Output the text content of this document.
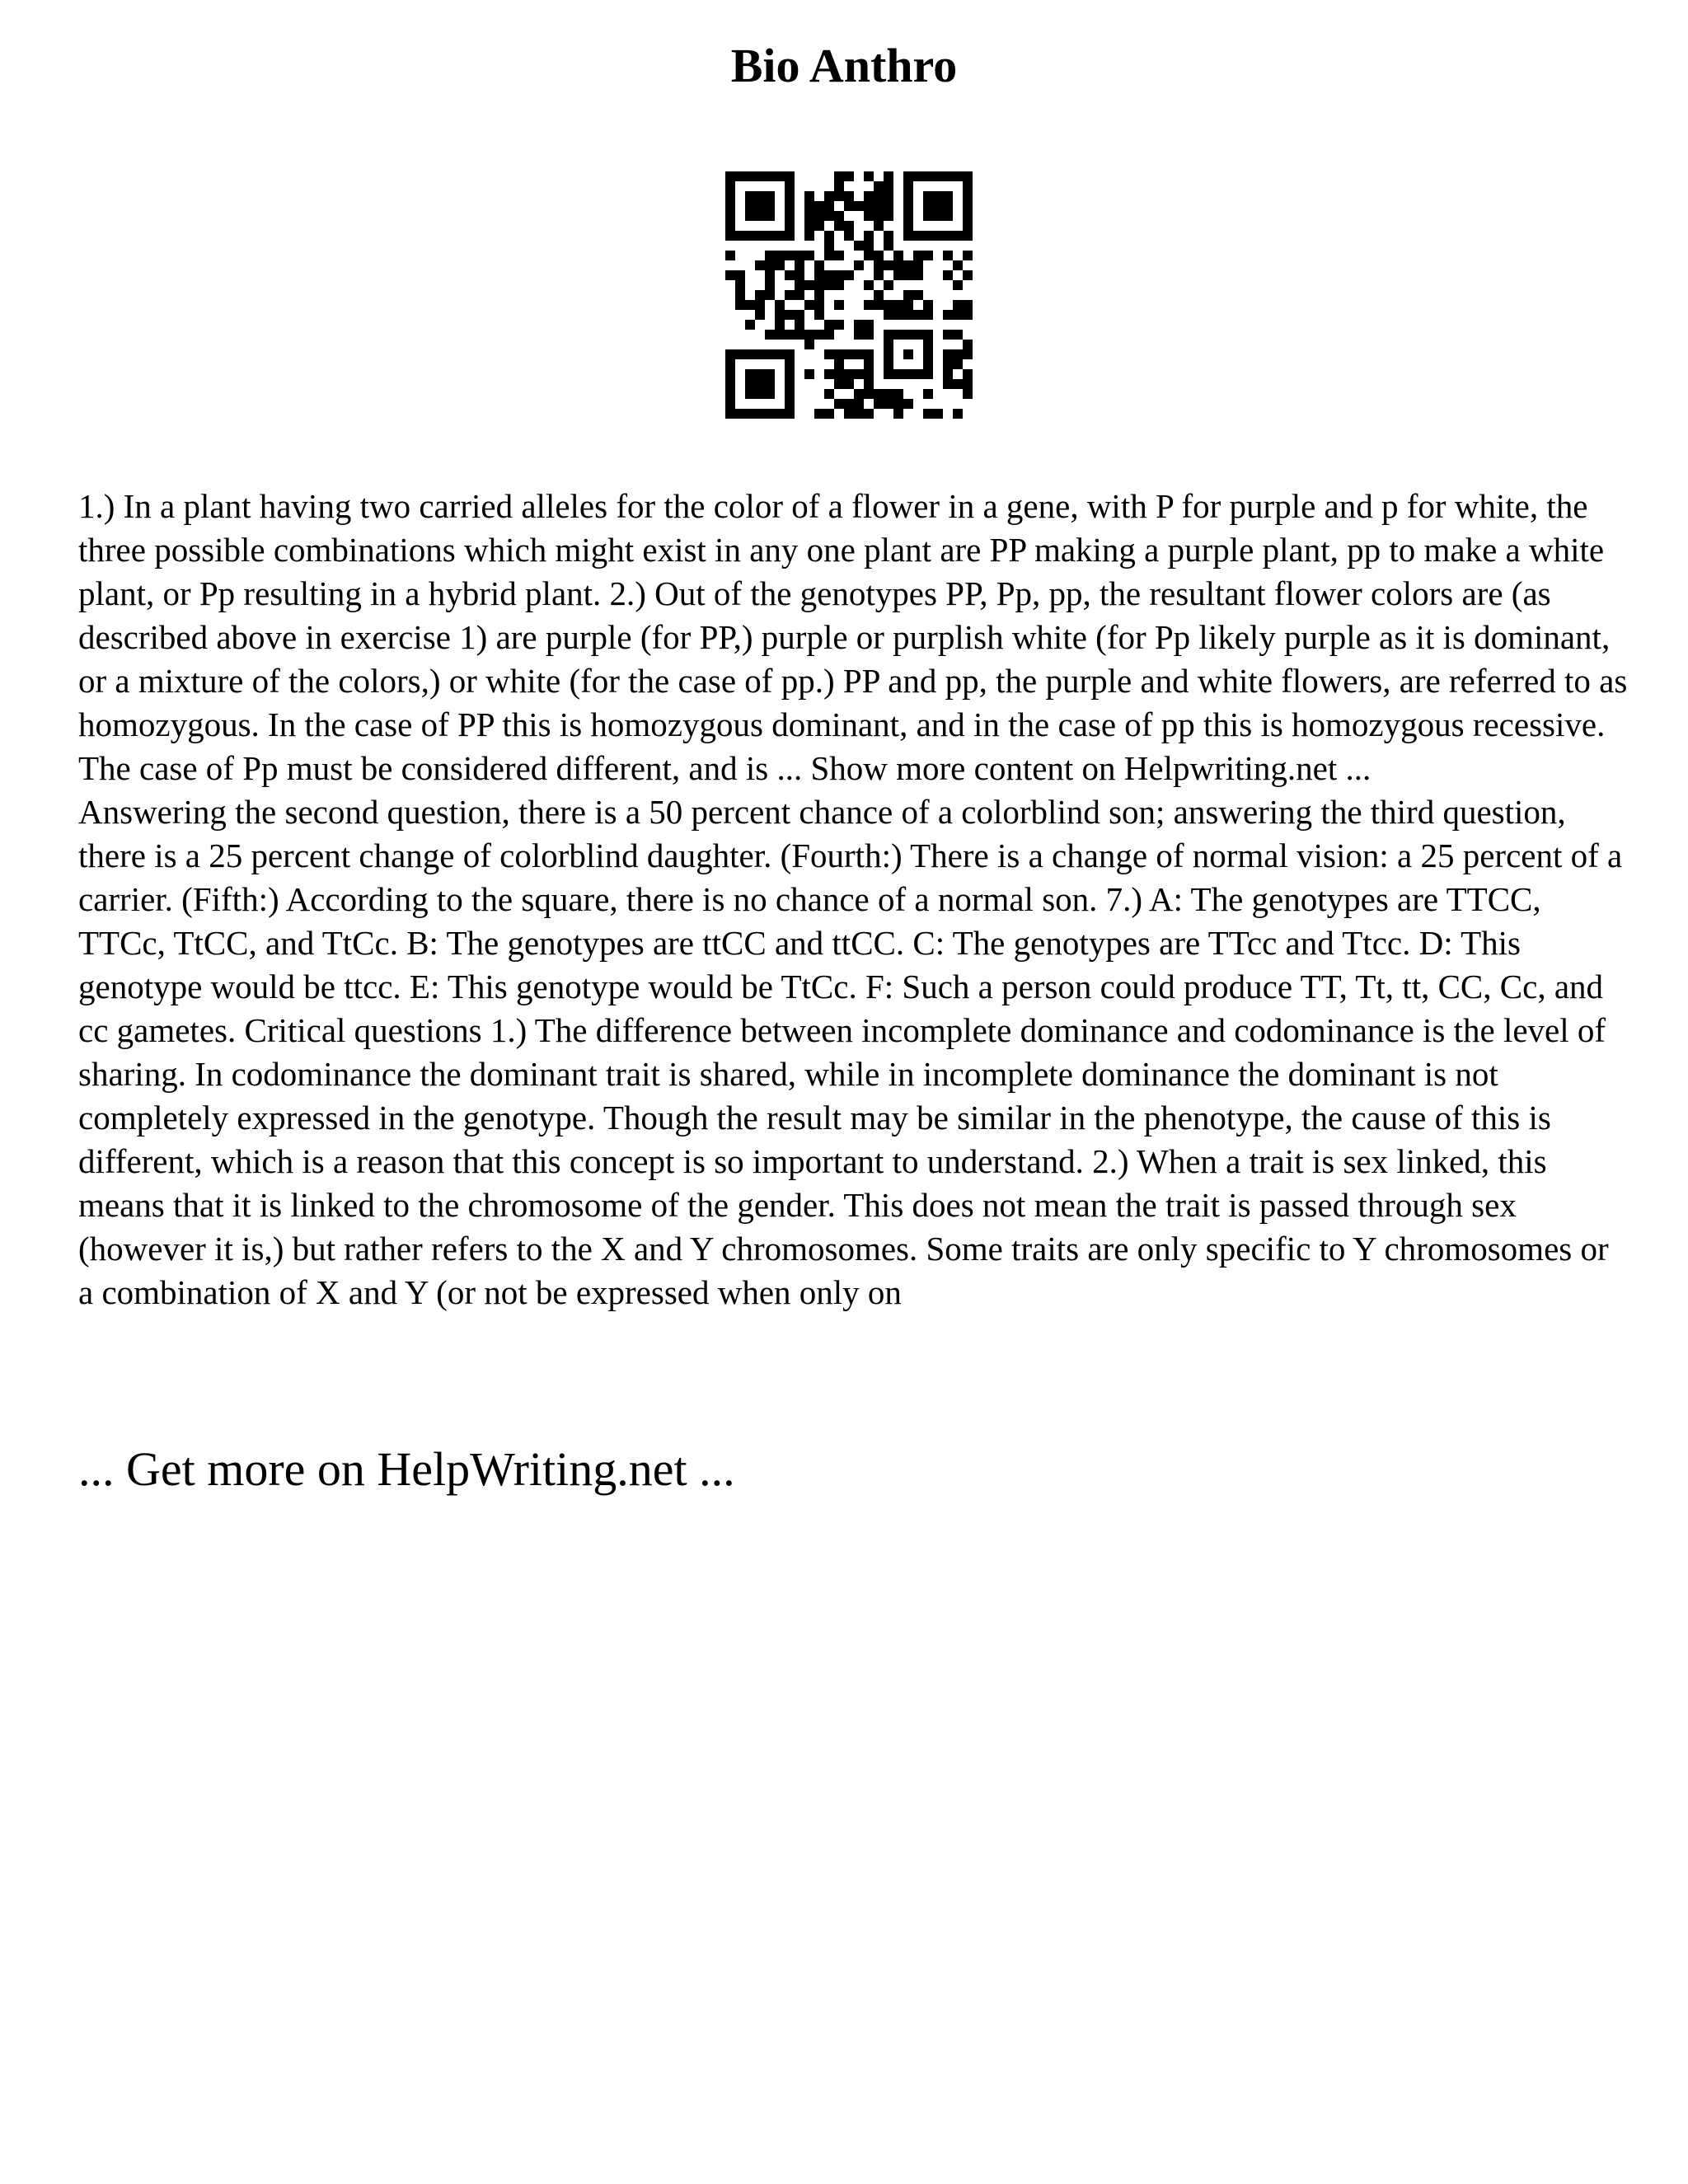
Bio Anthro

1.) In a plant having two carried alleles for the color of a flower in a gene, with P for purple and p for white, the three possible combinations which might exist in any one plant are PP making a purple plant, pp to make a white plant, or Pp resulting in a hybrid plant. 2.) Out of the genotypes PP, Pp, pp, the resultant flower colors are (as described above in exercise 1) are purple (for PP,) purple or purplish white (for Pp likely purple as it is dominant, or a mixture of the colors,) or white (for the case of pp.) PP and pp, the purple and white flowers, are referred to as homozygous. In the case of PP this is homozygous dominant, and in the case of pp this is homozygous recessive. The case of Pp must be considered different, and is ... Show more content on Helpwriting.net ...

Answering the second question, there is a 50 percent chance of a colorblind son; answering the third question, there is a 25 percent change of colorblind daughter. (Fourth:) There is a change of normal vision: a 25 percent of a carrier. (Fifth:) According to the square, there is no chance of a normal son. 7.) A: The genotypes are TTCC, TTCc, TtCC, and TtCc. B: The genotypes are ttCC and ttCC. C: The genotypes are TTcc and Ttcc. D: This genotype would be ttcc. E: This genotype would be TtCc. F: Such a person could produce TT, Tt, tt, CC, Cc, and cc gametes. Critical questions 1.) The difference between incomplete dominance and codominance is the level of sharing. In codominance the dominant trait is shared, while in incomplete dominance the dominant is not completely expressed in the genotype. Though the result may be similar in the phenotype, the cause of this is different, which is a reason that this concept is so important to understand. 2.) When a trait is sex linked, this means that it is linked to the chromosome of the gender. This does not mean the trait is passed through sex (however it is,) but rather refers to the X and Y chromosomes. Some traits are only specific to Y chromosomes or a combination of X and Y (or not be expressed when only on

... Get more on HelpWriting.net ...
